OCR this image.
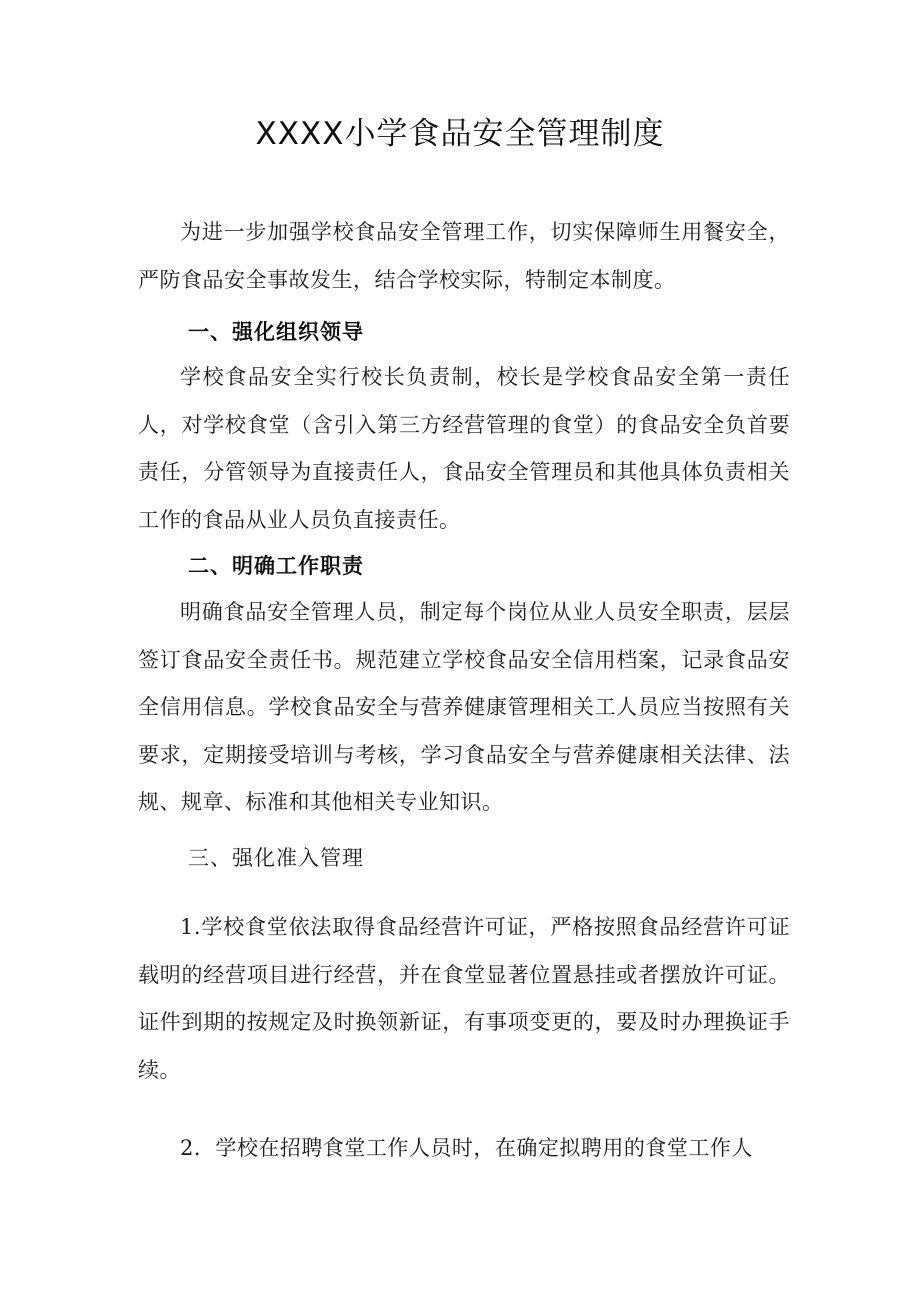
XXXX小学食品安全管理制度

为进一步加强学校食品安全管理工作，切实保障师生用餐安全，严防食品安全事故发生，结合学校实际，特制定本制度。

一、强化组织领导

学校食品安全实行校长负责制，校长是学校食品安全第一责任人，对学校食堂（含引入第三方经营管理的食堂）的食品安全负首要责任，分管领导为直接责任人，食品安全管理员和其他具体负责相关工作的食品从业人员负直接责任。

二、明确工作职责

明确食品安全管理人员，制定每个岗位从业人员安全职责，层层签订食品安全责任书。规范建立学校食品安全信用档案，记录食品安全信用信息。学校食品安全与营养健康管理相关工人员应当按照有关要求，定期接受培训与考核，学习食品安全与营养健康相关法律、法规、规章、标准和其他相关专业知识。

三、强化准入管理

1.学校食堂依法取得食品经营许可证，严格按照食品经营许可证载明的经营项目进行经营，并在食堂显著位置悬挂或者摆放许可证。证件到期的按规定及时换领新证，有事项变更的，要及时办理换证手续。

2．学校在招聘食堂工作人员时，在确定拟聘用的食堂工作人
